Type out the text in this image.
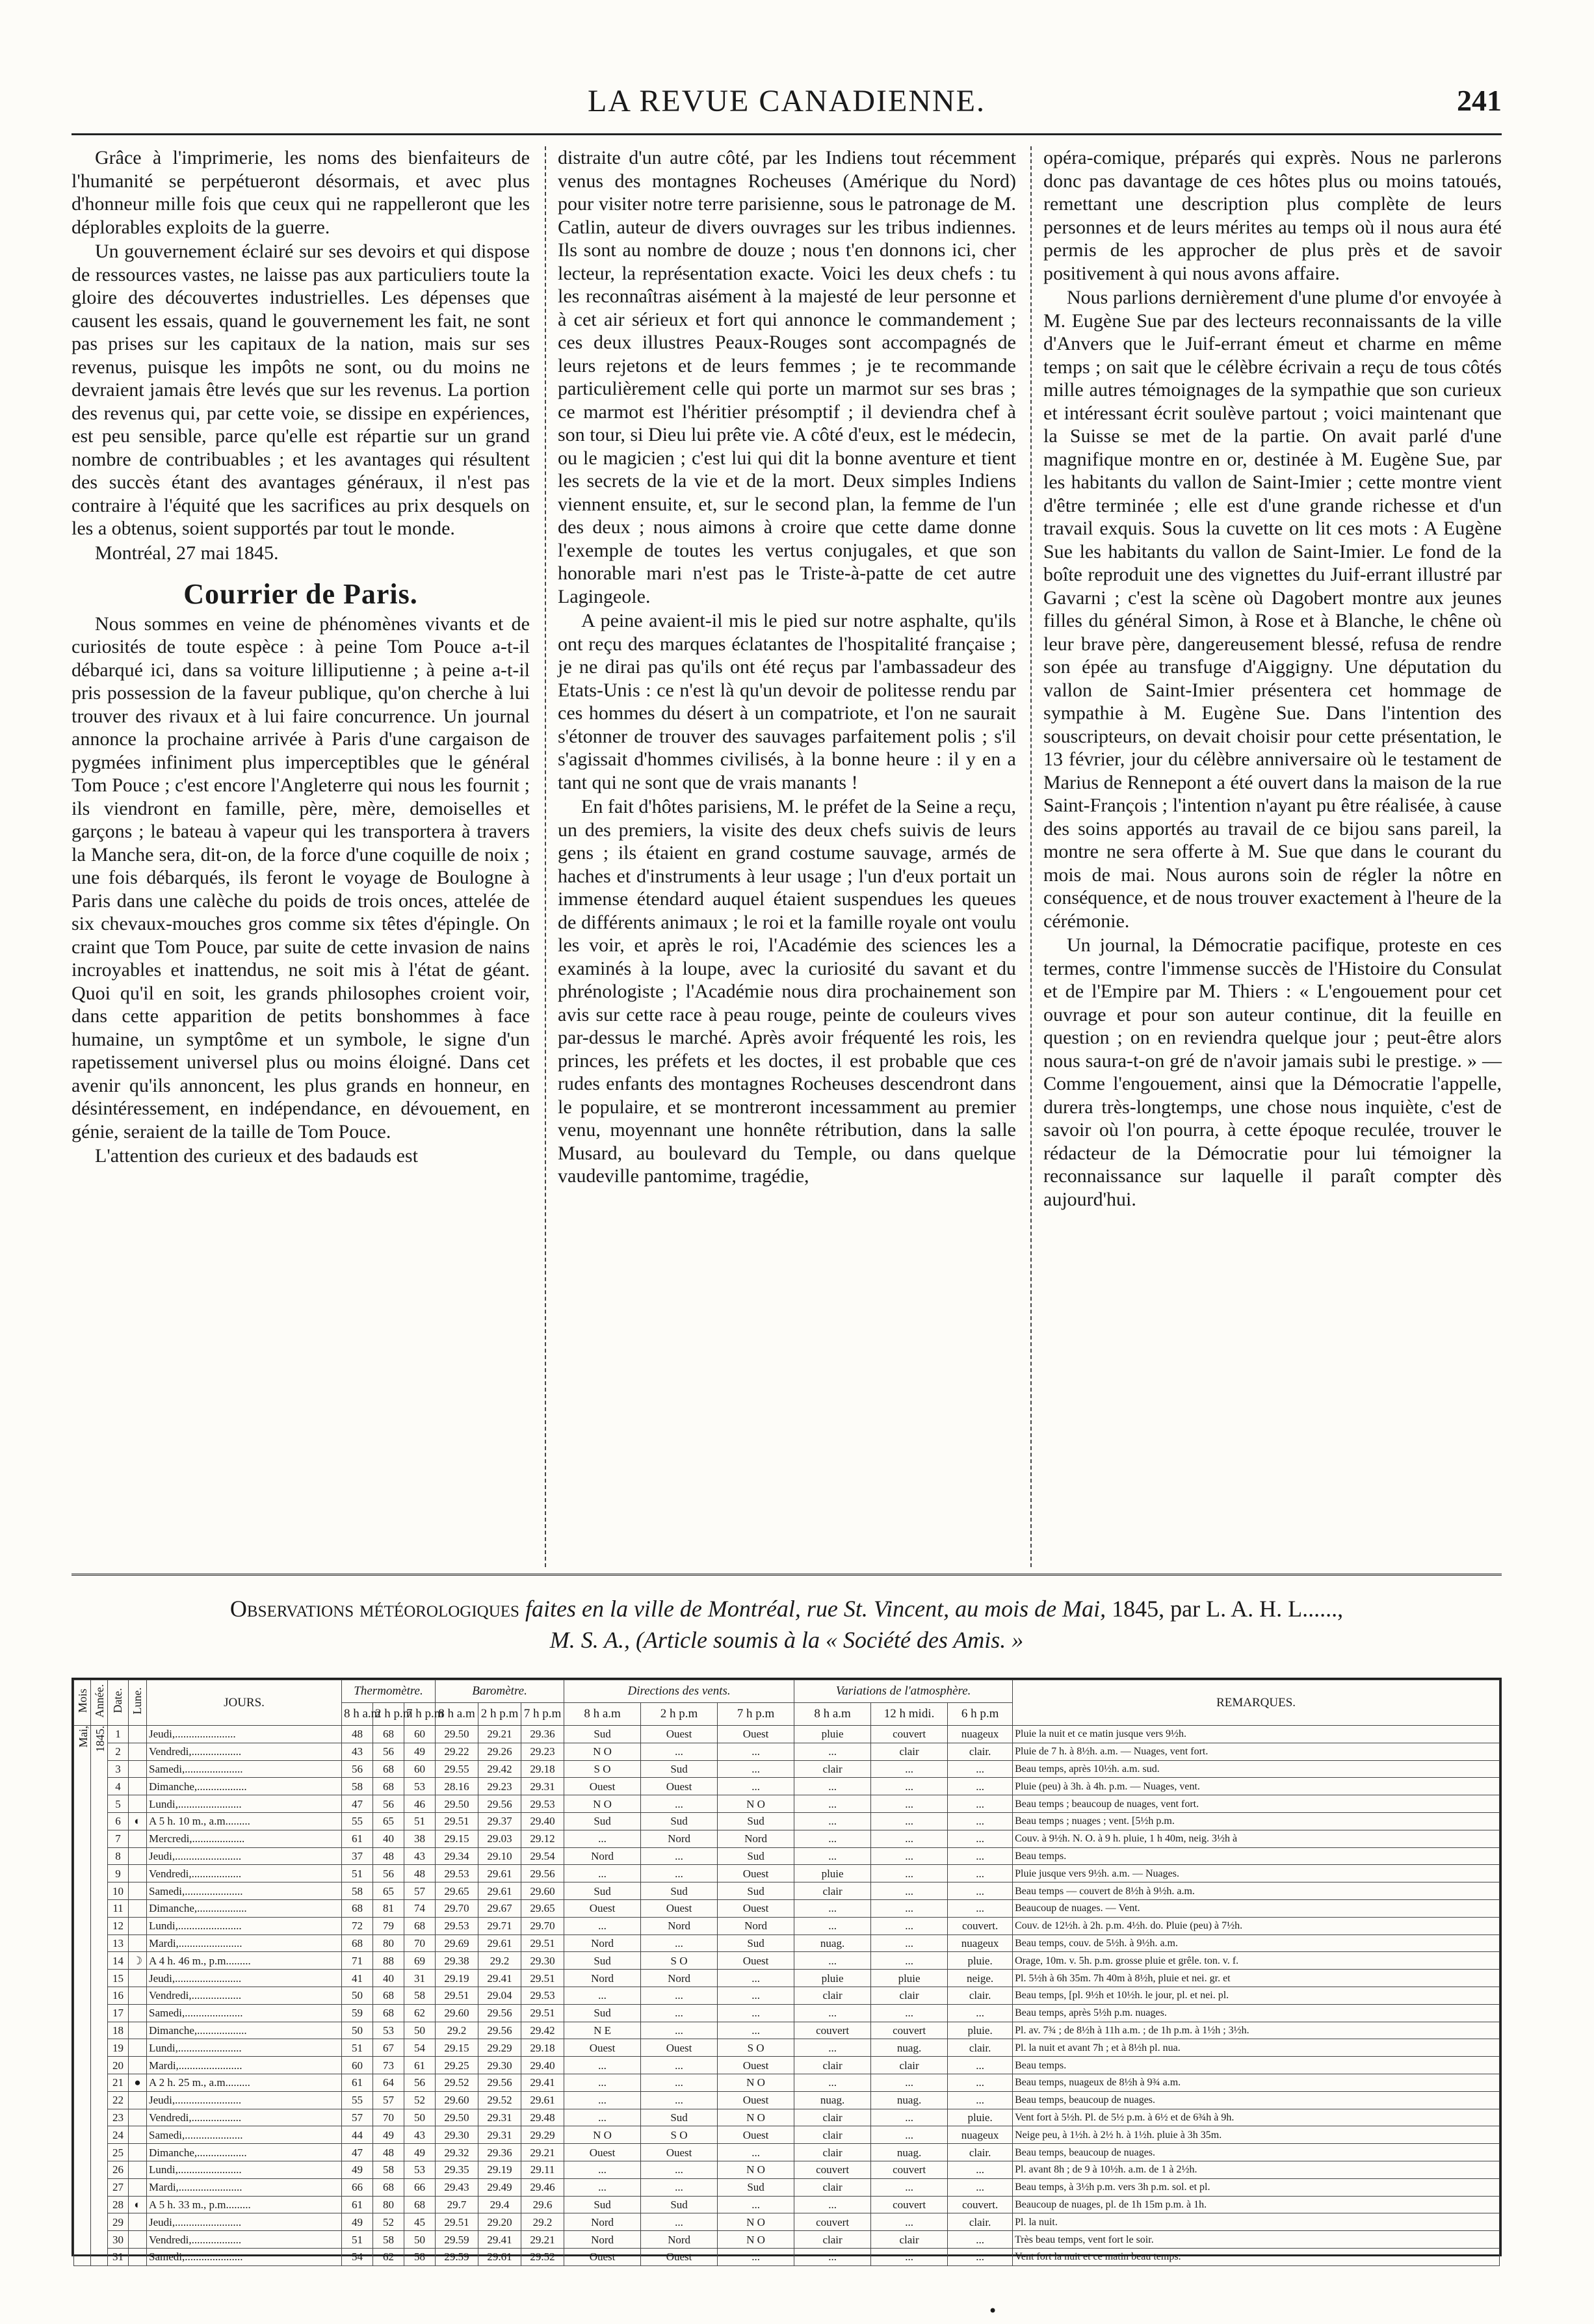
LA REVUE CANADIENNE.	241

Grâce à l'imprimerie, les noms des bienfaiteurs de l'humanité se perpétueront désormais, et avec plus d'honneur mille fois que ceux qui ne rappelleront que les déplorables exploits de la guerre.

Un gouvernement éclairé sur ses devoirs et qui dispose de ressources vastes, ne laisse pas aux particuliers toute la gloire des découvertes industrielles. Les dépenses que causent les essais, quand le gouvernement les fait, ne sont pas prises sur les capitaux de la nation, mais sur ses revenus, puisque les impôts ne sont, ou du moins ne devraient jamais être levés que sur les revenus. La portion des revenus qui, par cette voie, se dissipe en expériences, est peu sensible, parce qu'elle est répartie sur un grand nombre de contribuables ; et les avantages qui résultent des succès étant des avantages généraux, il n'est pas contraire à l'équité que les sacrifices au prix desquels on les a obtenus, soient supportés par tout le monde.

Montréal, 27 mai 1845.

Courrier de Paris.

Nous sommes en veine de phénomènes vivants et de curiosités de toute espèce : à peine Tom Pouce a-t-il débarqué ici, dans sa voiture lilliputienne ; à peine a-t-il pris possession de la faveur publique, qu'on cherche à lui trouver des rivaux et à lui faire concurrence. Un journal annonce la prochaine arrivée à Paris d'une cargaison de pygmées infiniment plus imperceptibles que le général Tom Pouce ; c'est encore l'Angleterre qui nous les fournit ; ils viendront en famille, père, mère, demoiselles et garçons ; le bateau à vapeur qui les transportera à travers la Manche sera, dit-on, de la force d'une coquille de noix ; une fois débarqués, ils feront le voyage de Boulogne à Paris dans une calèche du poids de trois onces, attelée de six chevaux-mouches gros comme six têtes d'épingle. On craint que Tom Pouce, par suite de cette invasion de nains incroyables et inattendus, ne soit mis à l'état de géant. Quoi qu'il en soit, les grands philosophes croient voir, dans cette apparition de petits bonshommes à face humaine, un symptôme et un symbole, le signe d'un rapetissement universel plus ou moins éloigné. Dans cet avenir qu'ils annoncent, les plus grands en honneur, en désintéressement, en indépendance, en dévouement, en génie, seraient de la taille de Tom Pouce.

L'attention des curieux et des badauds est

distraite d'un autre côté, par les Indiens tout récemment venus des montagnes Rocheuses (Amérique du Nord) pour visiter notre terre parisienne, sous le patronage de M. Catlin, auteur de divers ouvrages sur les tribus indiennes. Ils sont au nombre de douze ; nous t'en donnons ici, cher lecteur, la représentation exacte. Voici les deux chefs : tu les reconnaîtras aisément à la majesté de leur personne et à cet air sérieux et fort qui annonce le commandement ; ces deux illustres Peaux-Rouges sont accompagnés de leurs rejetons et de leurs femmes ; je te recommande particulièrement celle qui porte un marmot sur ses bras ; ce marmot est l'héritier présomptif ; il deviendra chef à son tour, si Dieu lui prête vie. A côté d'eux, est le médecin, ou le magicien ; c'est lui qui dit la bonne aventure et tient les secrets de la vie et de la mort. Deux simples Indiens viennent ensuite, et, sur le second plan, la femme de l'un des deux ; nous aimons à croire que cette dame donne l'exemple de toutes les vertus conjugales, et que son honorable mari n'est pas le Triste-à-patte de cet autre Lagingeole.

A peine avaient-il mis le pied sur notre asphalte, qu'ils ont reçu des marques éclatantes de l'hospitalité française ; je ne dirai pas qu'ils ont été reçus par l'ambassadeur des Etats-Unis : ce n'est là qu'un devoir de politesse rendu par ces hommes du désert à un compatriote, et l'on ne saurait s'étonner de trouver des sauvages parfaitement polis ; s'il s'agissait d'hommes civilisés, à la bonne heure : il y en a tant qui ne sont que de vrais manants !

En fait d'hôtes parisiens, M. le préfet de la Seine a reçu, un des premiers, la visite des deux chefs suivis de leurs gens ; ils étaient en grand costume sauvage, armés de haches et d'instruments à leur usage ; l'un d'eux portait un immense étendard auquel étaient suspendues les queues de différents animaux ; le roi et la famille royale ont voulu les voir, et après le roi, l'Académie des sciences les a examinés à la loupe, avec la curiosité du savant et du phrénologiste ; l'Académie nous dira prochainement son avis sur cette race à peau rouge, peinte de couleurs vives par-dessus le marché. Après avoir fréquenté les rois, les princes, les préfets et les doctes, il est probable que ces rudes enfants des montagnes Rocheuses descendront dans le populaire, et se montreront incessamment au premier venu, moyennant une honnête rétribution, dans la salle Musard, au boulevard du Temple, ou dans quelque vaudeville pantomime, tragédie,

opéra-comique, préparés qui exprès. Nous ne parlerons donc pas davantage de ces hôtes plus ou moins tatoués, remettant une description plus complète de leurs personnes et de leurs mérites au temps où il nous aura été permis de les approcher de plus près et de savoir positivement à qui nous avons affaire.

Nous parlions dernièrement d'une plume d'or envoyée à M. Eugène Sue par des lecteurs reconnaissants de la ville d'Anvers que le Juif-errant émeut et charme en même temps ; on sait que le célèbre écrivain a reçu de tous côtés mille autres témoignages de la sympathie que son curieux et intéressant écrit soulève partout ; voici maintenant que la Suisse se met de la partie. On avait parlé d'une magnifique montre en or, destinée à M. Eugène Sue, par les habitants du vallon de Saint-Imier ; cette montre vient d'être terminée ; elle est d'une grande richesse et d'un travail exquis. Sous la cuvette on lit ces mots : A Eugène Sue les habitants du vallon de Saint-Imier. Le fond de la boîte reproduit une des vignettes du Juif-errant illustré par Gavarni ; c'est la scène où Dagobert montre aux jeunes filles du général Simon, à Rose et à Blanche, le chêne où leur brave père, dangereusement blessé, refusa de rendre son épée au transfuge d'Aiggigny. Une députation du vallon de Saint-Imier présentera cet hommage de sympathie à M. Eugène Sue. Dans l'intention des souscripteurs, on devait choisir pour cette présentation, le 13 février, jour du célèbre anniversaire où le testament de Marius de Rennepont a été ouvert dans la maison de la rue Saint-François ; l'intention n'ayant pu être réalisée, à cause des soins apportés au travail de ce bijou sans pareil, la montre ne sera offerte à M. Sue que dans le courant du mois de mai. Nous aurons soin de régler la nôtre en conséquence, et de nous trouver exactement à l'heure de la cérémonie.

Un journal, la Démocratie pacifique, proteste en ces termes, contre l'immense succès de l'Histoire du Consulat et de l'Empire par M. Thiers : « L'engouement pour cet ouvrage et pour son auteur continue, dit la feuille en question ; on en reviendra quelque jour ; peut-être alors nous saura-t-on gré de n'avoir jamais subi le prestige. » — Comme l'engouement, ainsi que la Démocratie l'appelle, durera très-longtemps, une chose nous inquiète, c'est de savoir où l'on pourra, à cette époque reculée, trouver le rédacteur de la Démocratie pour lui témoigner la reconnaissance sur laquelle il paraît compter dès aujourd'hui.

Observations météorologiques faites en la ville de Montréal, rue St. Vincent, au mois de Mai, 1845, par L. A. H. L......,
M. S. A., (Article soumis à la « Société des Amis. »
Mois	Année.	Date.	Lune.	JOURS.	Thermomètre.			Baromètre.			Directions des vents.			Variations de l'atmosphère.			REMARQUES.
					8 h a.m	2 h p.m	7 h p.m	8 h a.m	2 h p.m	7 h p.m	8 h a.m	2 h p.m	7 h p.m	8 h a.m	12 h midi.	6 h p.m	
Mai,	1845.	1		Jeudi,......................	48	68	60	29.50	29.21	29.36	Sud	Ouest	Ouest	pluie	couvert	nuageux	Pluie la nuit et ce matin jusque vers 9½h.
		2		Vendredi,..................	43	56	49	29.22	29.26	29.23	N O	...	...	...	clair	clair.	Pluie de 7 h. à 8½h. a.m. — Nuages, vent fort.
		3		Samedi,.....................	56	68	60	29.55	29.42	29.18	S O	Sud	...	clair	...	...	Beau temps, après 10½h. a.m. sud.
		4		Dimanche,..................	58	68	53	28.16	29.23	29.31	Ouest	Ouest	...	...	...	...	Pluie (peu) à 3h. à 4h. p.m. — Nuages, vent.
		5		Lundi,.......................	47	56	46	29.50	29.56	29.53	N O	...	N O	...	...	...	Beau temps ; beaucoup de nuages, vent fort.
		6	◐	A 5 h. 10 m., a.m.........	55	65	51	29.51	29.37	29.40	Sud	Sud	Sud	...	...	...	Beau temps ; nuages ; vent. [5½h p.m.
		7		Mercredi,...................	61	40	38	29.15	29.03	29.12	...	Nord	Nord	...	...	...	Couv. à 9½h. N. O. à 9 h. pluie, 1 h 40m, neig. 3½h à
		8		Jeudi,........................	37	48	43	29.34	29.10	29.54	Nord	...	Sud	...	...	...	Beau temps.
		9		Vendredi,..................	51	56	48	29.53	29.61	29.56	...	...	Ouest	pluie	...	...	Pluie jusque vers 9½h. a.m. — Nuages.
		10		Samedi,.....................	58	65	57	29.65	29.61	29.60	Sud	Sud	Sud	clair	...	...	Beau temps — couvert de 8½h à 9½h. a.m.
		11		Dimanche,..................	68	81	74	29.70	29.67	29.65	Ouest	Ouest	Ouest	...	...	...	Beaucoup de nuages. — Vent.
		12		Lundi,.......................	72	79	68	29.53	29.71	29.70	...	Nord	Nord	...	...	couvert.	Couv. de 12½h. à 2h. p.m. 4½h. do. Pluie (peu) à 7½h.
		13		Mardi,.......................	68	80	70	29.69	29.61	29.51	Nord	...	Sud	nuag.	...	nuageux	Beau temps, couv. de 5½h. à 9½h. a.m.
		14	☽	A 4 h. 46 m., p.m.........	71	88	69	29.38	29.2	29.30	Sud	S O	Ouest	...	...	pluie.	Orage, 10m. v. 5h. p.m. grosse pluie et grêle. ton. v. f.
		15		Jeudi,........................	41	40	31	29.19	29.41	29.51	Nord	Nord	...	pluie	pluie	neige.	Pl. 5½h à 6h 35m. 7h 40m à 8½h, pluie et nei. gr. et
		16		Vendredi,..................	50	68	58	29.51	29.04	29.53	...	...	...	clair	clair	clair.	Beau temps, [pl. 9½h et 10½h. le jour, pl. et nei. pl.
		17		Samedi,.....................	59	68	62	29.60	29.56	29.51	Sud	...	...	...	...	...	Beau temps, après 5½h p.m. nuages.
		18		Dimanche,..................	50	53	50	29.2	29.56	29.42	N E	...	...	couvert	couvert	pluie.	Pl. av. 7¾ ; de 8½h à 11h a.m. ; de 1h p.m. à 1½h ; 3½h.
		19		Lundi,.......................	51	67	54	29.15	29.29	29.18	Ouest	Ouest	S O	...	nuag.	clair.	Pl. la nuit et avant 7h ; et à 8½h pl. nua.
		20		Mardi,.......................	60	73	61	29.25	29.30	29.40	...	...	Ouest	clair	clair	...	Beau temps.
		21	●	A 2 h. 25 m., a.m.........	61	64	56	29.52	29.56	29.41	...	...	N O	...	...	...	Beau temps, nuageux de 8½h à 9¾ a.m.
		22		Jeudi,........................	55	57	52	29.60	29.52	29.61	...	...	Ouest	nuag.	nuag.	...	Beau temps, beaucoup de nuages.
		23		Vendredi,..................	57	70	50	29.50	29.31	29.48	...	Sud	N O	clair	...	pluie.	Vent fort à 5½h. Pl. de 5½ p.m. à 6½ et de 6¾h à 9h.
		24		Samedi,.....................	44	49	43	29.30	29.31	29.29	N O	S O	Ouest	clair	...	nuageux	Neige peu, à 1½h. à 2½ h. à 1½h. pluie à 3h 35m.
		25		Dimanche,..................	47	48	49	29.32	29.36	29.21	Ouest	Ouest	...	clair	nuag.	clair.	Beau temps, beaucoup de nuages.
		26		Lundi,.......................	49	58	53	29.35	29.19	29.11	...	...	N O	couvert	couvert	...	Pl. avant 8h ; de 9 à 10½h. a.m. de 1 à 2½h.
		27		Mardi,.......................	66	68	66	29.43	29.49	29.46	...	...	Sud	clair	...	...	Beau temps, à 3½h p.m. vers 3h p.m. sol. et pl.
		28	◐	A 5 h. 33 m., p.m.........	61	80	68	29.7	29.4	29.6	Sud	Sud	...	...	couvert	couvert.	Beaucoup de nuages, pl. de 1h 15m p.m. à 1h.
		29		Jeudi,........................	49	52	45	29.51	29.20	29.2	Nord	...	N O	couvert	...	clair.	Pl. la nuit.
		30		Vendredi,..................	51	58	50	29.59	29.41	29.21	Nord	Nord	N O	clair	clair	...	Très beau temps, vent fort le soir.
		31		Samedi,.....................	54	62	58	29.59	29.61	29.52	Ouest	Ouest	...	...	...	...	Vent fort la nuit et ce matin beau temps.
•
